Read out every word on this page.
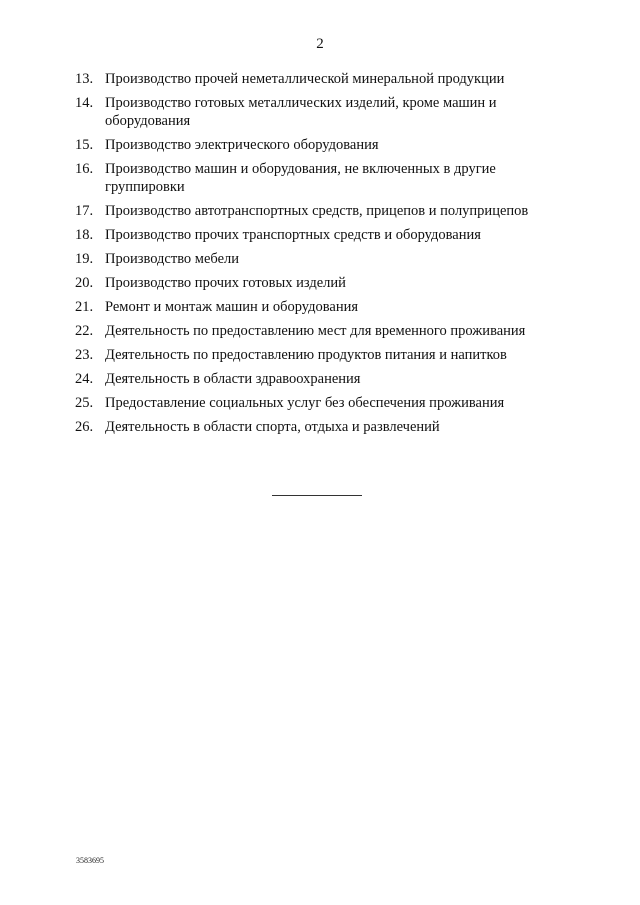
2
13. Производство прочей неметаллической минеральной продукции
14. Производство готовых металлических изделий, кроме машин и оборудования
15. Производство электрического оборудования
16. Производство машин и оборудования, не включенных в другие группировки
17. Производство автотранспортных средств, прицепов и полуприцепов
18. Производство прочих транспортных средств и оборудования
19. Производство мебели
20. Производство прочих готовых изделий
21. Ремонт и монтаж машин и оборудования
22. Деятельность по предоставлению мест для временного проживания
23. Деятельность по предоставлению продуктов питания и напитков
24. Деятельность в области здравоохранения
25. Предоставление социальных услуг без обеспечения проживания
26. Деятельность в области спорта, отдыха и развлечений
3583695
